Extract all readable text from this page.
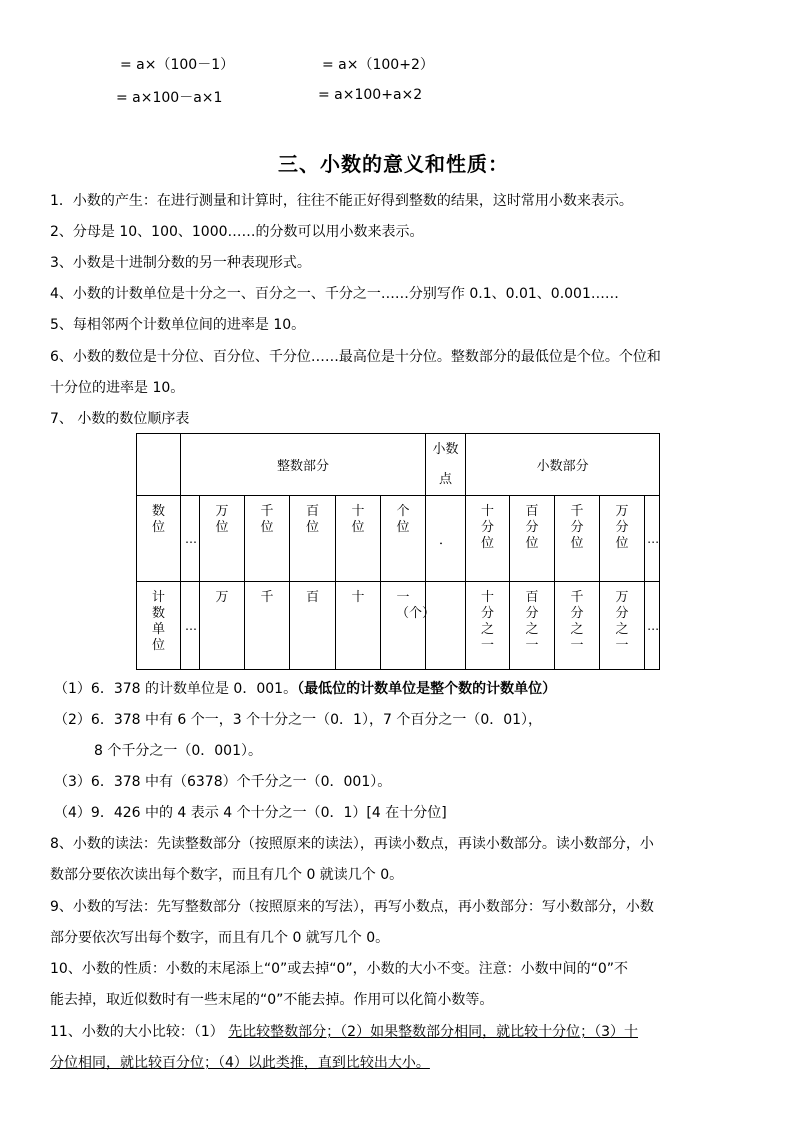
= a×（100－1）	= a×（100+2）
= a×100－a×1	= a×100+a×2
三、小数的意义和性质：
1．小数的产生：在进行测量和计算时，往往不能正好得到整数的结果，这时常用小数来表示。
2、分母是 10、100、1000……的分数可以用小数来表示。
3、小数是十进制分数的另一种表现形式。
4、小数的计数单位是十分之一、百分之一、千分之一……分别写作 0.1、0.01、0.001……
5、每相邻两个计数单位间的进率是 10。
6、小数的数位是十分位、百分位、千分位……最高位是十分位。整数部分的最低位是个位。个位和
十分位的进率是 10。
7、 小数的数位顺序表
	整数部分						小数点	小数部分				
数位	…	万位	千位	百位	十位	个位	．	十分位	百分位	千分位	万分位	…
计数单位	…	万	千	百	十	一（个）		十分之一	百分之一	千分之一	万分之一	…
（1）6．378 的计数单位是 0．001。（最低位的计数单位是整个数的计数单位）
（2）6．378 中有 6 个一，3 个十分之一（0．1），7 个百分之一（0．01），
8 个千分之一（0．001）。
（3）6．378 中有（6378）个千分之一（0．001）。
（4）9．426 中的 4 表示 4 个十分之一（0．1）[4 在十分位]
8、小数的读法：先读整数部分（按照原来的读法），再读小数点，再读小数部分。读小数部分，小
数部分要依次读出每个数字，而且有几个 0 就读几个 0。
9、小数的写法：先写整数部分（按照原来的写法），再写小数点，再小数部分：写小数部分，小数
部分要依次写出每个数字，而且有几个 0 就写几个 0。
10、小数的性质：小数的末尾添上“0”或去掉“0”，小数的大小不变。注意：小数中间的“0”不
能去掉，取近似数时有一些末尾的“0”不能去掉。作用可以化简小数等。
11、小数的大小比较：（1） 先比较整数部分；（2）如果整数部分相同，就比较十分位；（3）十
分位相同，就比较百分位；（4）以此类推，直到比较出大小。
